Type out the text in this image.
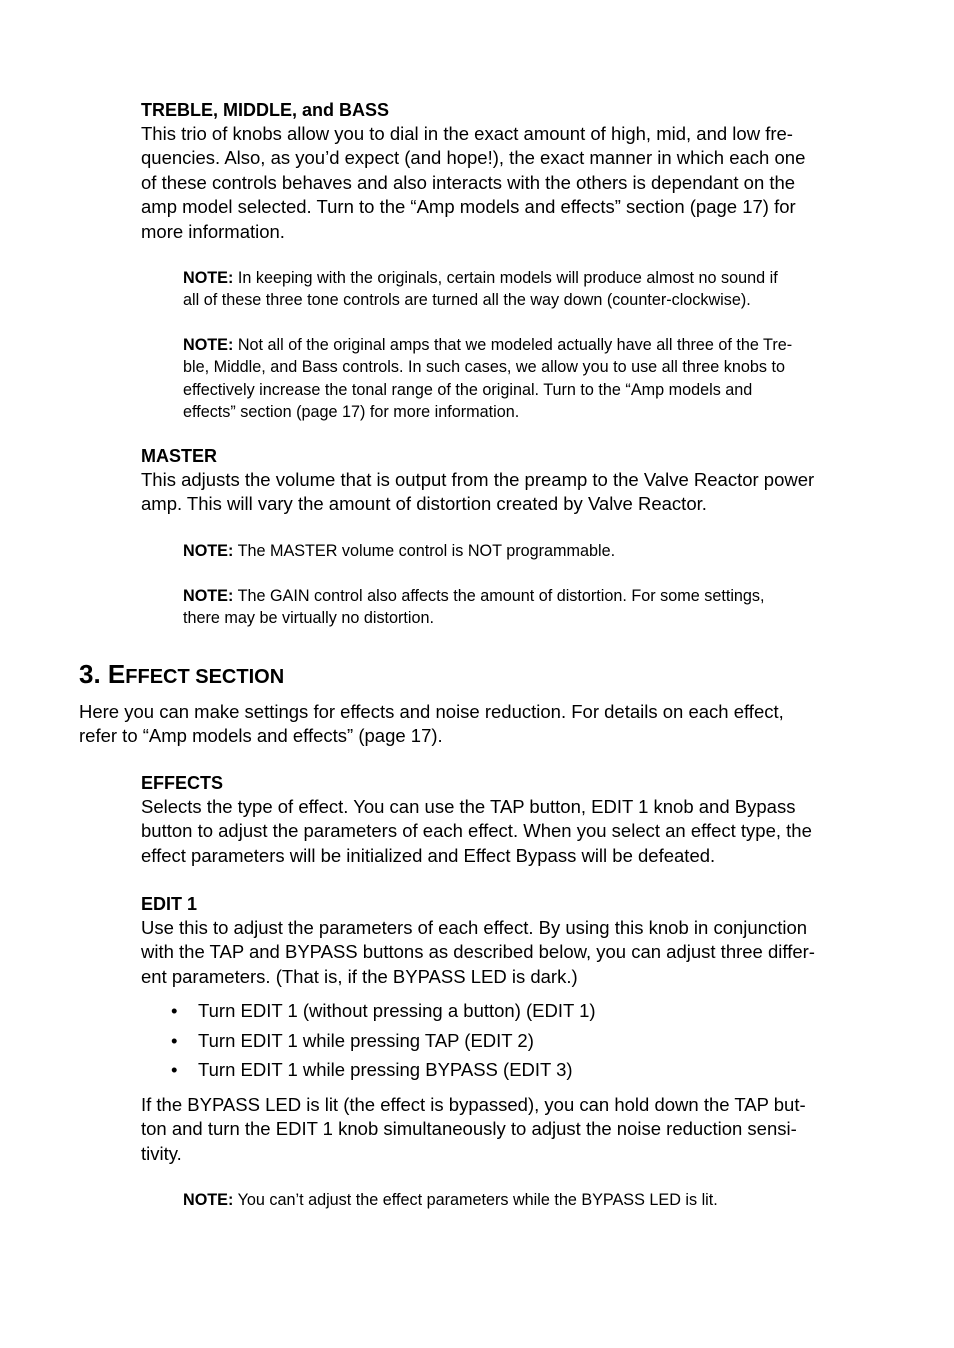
TREBLE, MIDDLE, and BASS
This trio of knobs allow you to dial in the exact amount of high, mid, and low fre-
quencies. Also, as you’d expect (and hope!), the exact manner in which each one
of these controls behaves and also interacts with the others is dependant on the
amp model selected. Turn to the “Amp models and effects” section (page 17) for
more information.
NOTE: In keeping with the originals, certain models will produce almost no sound if
all of these three tone controls are turned all the way down (counter-clockwise).
NOTE: Not all of the original amps that we modeled actually have all three of the Tre-
ble, Middle, and Bass controls. In such cases, we allow you to use all three knobs to
effectively increase the tonal range of the original. Turn to the “Amp models and
effects” section (page 17) for more information.
MASTER
This adjusts the volume that is output from the preamp to the Valve Reactor power
amp. This will vary the amount of distortion created by Valve Reactor.
NOTE: The MASTER volume control is NOT programmable.
NOTE: The GAIN control also affects the amount of distortion. For some settings,
there may be virtually no distortion.
3. EFFECT SECTION
Here you can make settings for effects and noise reduction. For details on each effect,
refer to “Amp models and effects” (page 17).
EFFECTS
Selects the type of effect. You can use the TAP button, EDIT 1 knob and Bypass
button to adjust the parameters of each effect. When you select an effect type, the
effect parameters will be initialized and Effect Bypass will be defeated.
EDIT 1
Use this to adjust the parameters of each effect. By using this knob in conjunction
with the TAP and BYPASS buttons as described below, you can adjust three differ-
ent parameters. (That is, if the BYPASS LED is dark.)
• Turn EDIT 1 (without pressing a button) (EDIT 1)
• Turn EDIT 1 while pressing TAP (EDIT 2)
• Turn EDIT 1 while pressing BYPASS (EDIT 3)
If the BYPASS LED is lit (the effect is bypassed), you can hold down the TAP but-
ton and turn the EDIT 1 knob simultaneously to adjust the noise reduction sensi-
tivity.
NOTE: You can’t adjust the effect parameters while the BYPASS LED is lit.
